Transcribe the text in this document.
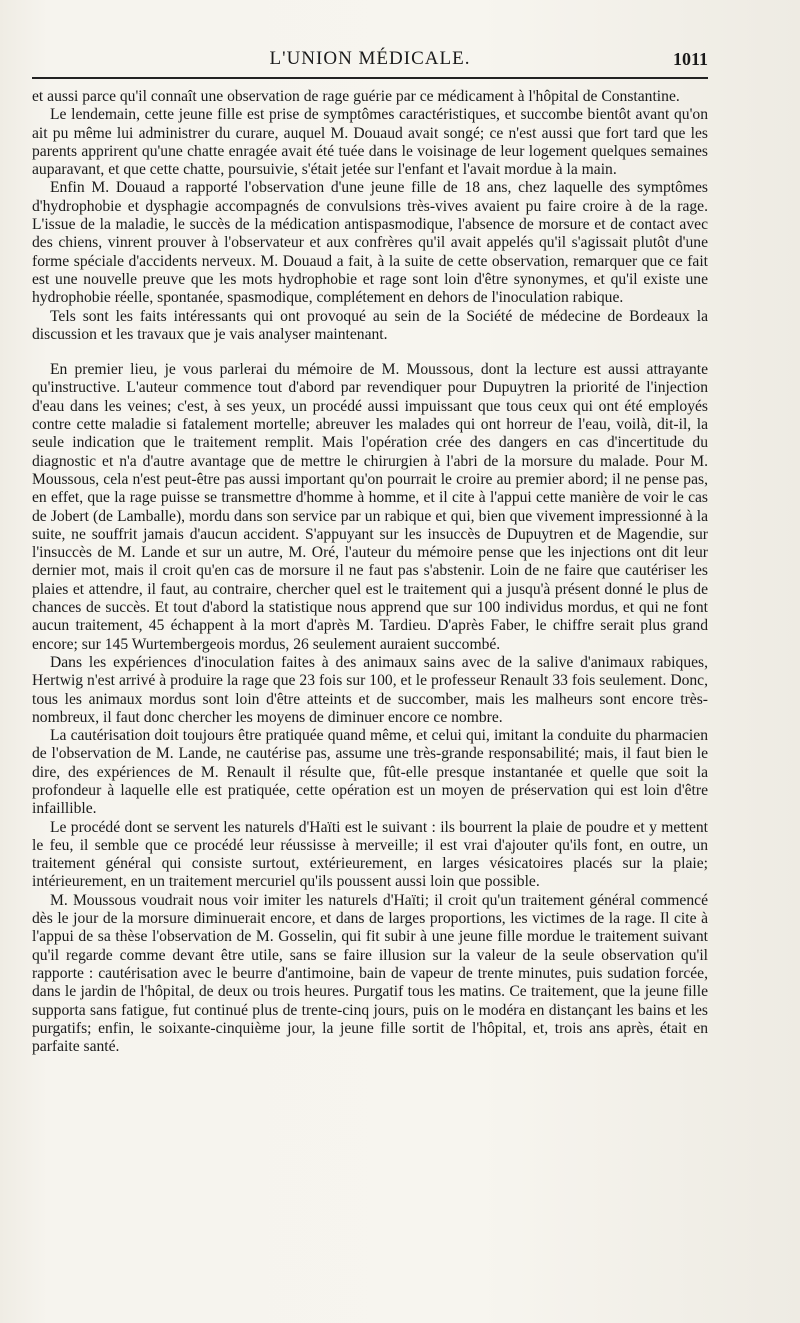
L'UNION MÉDICALE.	1011

et aussi parce qu'il connaît une observation de rage guérie par ce médicament à l'hôpital de Constantine.

Le lendemain, cette jeune fille est prise de symptômes caractéristiques, et succombe bientôt avant qu'on ait pu même lui administrer du curare, auquel M. Douaud avait songé; ce n'est aussi que fort tard que les parents apprirent qu'une chatte enragée avait été tuée dans le voisinage de leur logement quelques semaines auparavant, et que cette chatte, poursuivie, s'était jetée sur l'enfant et l'avait mordue à la main.

Enfin M. Douaud a rapporté l'observation d'une jeune fille de 18 ans, chez laquelle des symptômes d'hydrophobie et dysphagie accompagnés de convulsions très-vives avaient pu faire croire à de la rage. L'issue de la maladie, le succès de la médication antispasmodique, l'absence de morsure et de contact avec des chiens, vinrent prouver à l'observateur et aux confrères qu'il avait appelés qu'il s'agissait plutôt d'une forme spéciale d'accidents nerveux. M. Douaud a fait, à la suite de cette observation, remarquer que ce fait est une nouvelle preuve que les mots hydrophobie et rage sont loin d'être synonymes, et qu'il existe une hydrophobie réelle, spontanée, spasmodique, complétement en dehors de l'inoculation rabique.

Tels sont les faits intéressants qui ont provoqué au sein de la Société de médecine de Bordeaux la discussion et les travaux que je vais analyser maintenant.

En premier lieu, je vous parlerai du mémoire de M. Moussous, dont la lecture est aussi attrayante qu'instructive. L'auteur commence tout d'abord par revendiquer pour Dupuytren la priorité de l'injection d'eau dans les veines; c'est, à ses yeux, un procédé aussi impuissant que tous ceux qui ont été employés contre cette maladie si fatalement mortelle; abreuver les malades qui ont horreur de l'eau, voilà, dit-il, la seule indication que le traitement remplit. Mais l'opération crée des dangers en cas d'incertitude du diagnostic et n'a d'autre avantage que de mettre le chirurgien à l'abri de la morsure du malade. Pour M. Moussous, cela n'est peut-être pas aussi important qu'on pourrait le croire au premier abord; il ne pense pas, en effet, que la rage puisse se transmettre d'homme à homme, et il cite à l'appui cette manière de voir le cas de Jobert (de Lamballe), mordu dans son service par un rabique et qui, bien que vivement impressionné à la suite, ne souffrit jamais d'aucun accident. S'appuyant sur les insuccès de Dupuytren et de Magendie, sur l'insuccès de M. Lande et sur un autre, M. Oré, l'auteur du mémoire pense que les injections ont dit leur dernier mot, mais il croit qu'en cas de morsure il ne faut pas s'abstenir. Loin de ne faire que cautériser les plaies et attendre, il faut, au contraire, chercher quel est le traitement qui a jusqu'à présent donné le plus de chances de succès. Et tout d'abord la statistique nous apprend que sur 100 individus mordus, et qui ne font aucun traitement, 45 échappent à la mort d'après M. Tardieu. D'après Faber, le chiffre serait plus grand encore; sur 145 Wurtembergeois mordus, 26 seulement auraient succombé.

Dans les expériences d'inoculation faites à des animaux sains avec de la salive d'animaux rabiques, Hertwig n'est arrivé à produire la rage que 23 fois sur 100, et le professeur Renault 33 fois seulement. Donc, tous les animaux mordus sont loin d'être atteints et de succomber, mais les malheurs sont encore très-nombreux, il faut donc chercher les moyens de diminuer encore ce nombre.

La cautérisation doit toujours être pratiquée quand même, et celui qui, imitant la conduite du pharmacien de l'observation de M. Lande, ne cautérise pas, assume une très-grande responsabilité; mais, il faut bien le dire, des expériences de M. Renault il résulte que, fût-elle presque instantanée et quelle que soit la profondeur à laquelle elle est pratiquée, cette opération est un moyen de préservation qui est loin d'être infaillible.

Le procédé dont se servent les naturels d'Haïti est le suivant : ils bourrent la plaie de poudre et y mettent le feu, il semble que ce procédé leur réussisse à merveille; il est vrai d'ajouter qu'ils font, en outre, un traitement général qui consiste surtout, extérieurement, en larges vésicatoires placés sur la plaie; intérieurement, en un traitement mercuriel qu'ils poussent aussi loin que possible.

M. Moussous voudrait nous voir imiter les naturels d'Haïti; il croit qu'un traitement général commencé dès le jour de la morsure diminuerait encore, et dans de larges proportions, les victimes de la rage. Il cite à l'appui de sa thèse l'observation de M. Gosselin, qui fit subir à une jeune fille mordue le traitement suivant qu'il regarde comme devant être utile, sans se faire illusion sur la valeur de la seule observation qu'il rapporte : cautérisation avec le beurre d'antimoine, bain de vapeur de trente minutes, puis sudation forcée, dans le jardin de l'hôpital, de deux ou trois heures. Purgatif tous les matins. Ce traitement, que la jeune fille supporta sans fatigue, fut continué plus de trente-cinq jours, puis on le modéra en distançant les bains et les purgatifs; enfin, le soixante-cinquième jour, la jeune fille sortit de l'hôpital, et, trois ans après, était en parfaite santé.
